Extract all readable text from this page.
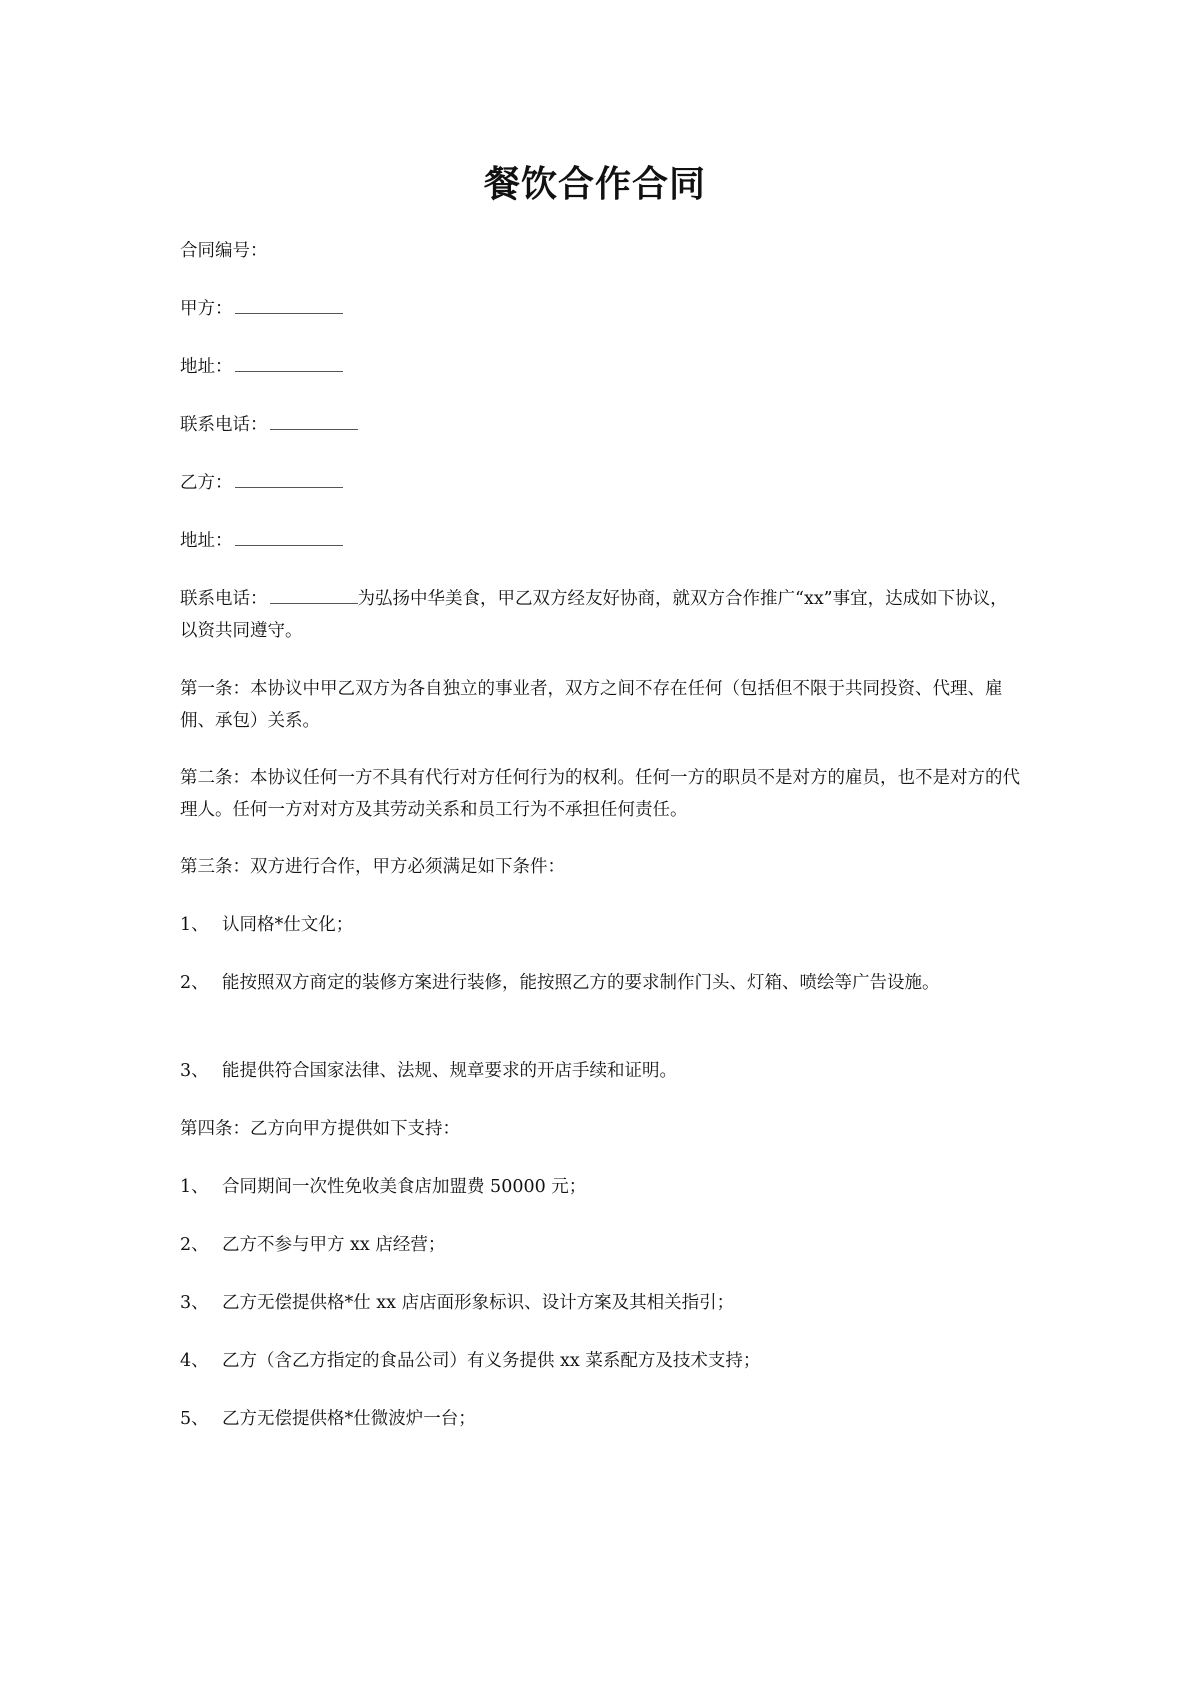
餐饮合作合同
合同编号：
甲方：
地址：
联系电话：
乙方：
地址：
联系电话：	为弘扬中华美食，甲乙双方经友好协商，就双方合作推广“xx”事宜，达成如下协议，以资共同遵守。
第一条：本协议中甲乙双方为各自独立的事业者，双方之间不存在任何（包括但不限于共同投资、代理、雇佣、承包）关系。
第二条：本协议任何一方不具有代行对方任何行为的权利。任何一方的职员不是对方的雇员，也不是对方的代理人。任何一方对对方及其劳动关系和员工行为不承担任何责任。
第三条：双方进行合作，甲方必须满足如下条件：
1、 认同格*仕文化；
2、 能按照双方商定的装修方案进行装修，能按照乙方的要求制作门头、灯箱、喷绘等广告设施。
3、 能提供符合国家法律、法规、规章要求的开店手续和证明。
第四条：乙方向甲方提供如下支持：
1、 合同期间一次性免收美食店加盟费 50000 元；
2、 乙方不参与甲方 xx 店经营；
3、 乙方无偿提供格*仕 xx 店店面形象标识、设计方案及其相关指引；
4、 乙方（含乙方指定的食品公司）有义务提供 xx 菜系配方及技术支持；
5、 乙方无偿提供格*仕微波炉一台；
